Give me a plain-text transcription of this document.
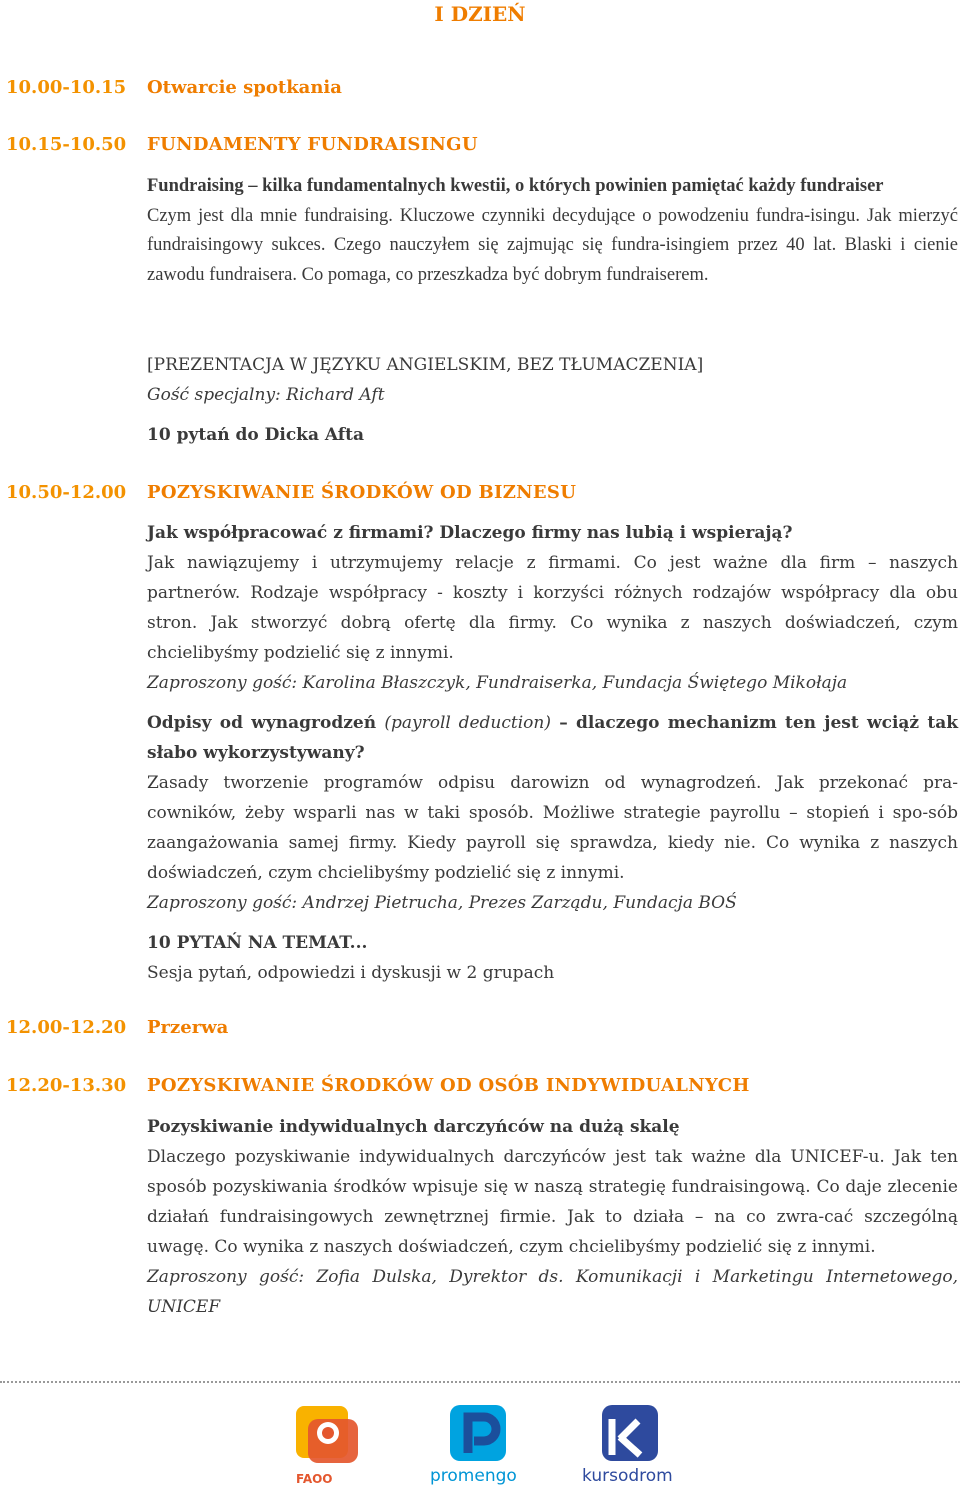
I DZIEŃ
10.00-10.15 Otwarcie spotkania
10.15-10.50 FUNDAMENTY FUNDRAISINGU

Fundraising – kilka fundamentalnych kwestii, o których powinien pamiętać każdy fundraiser

Czym jest dla mnie fundraising. Kluczowe czynniki decydujące o powodzeniu fundra-isingu. Jak mierzyć fundraisingowy sukces. Czego nauczyłem się zajmując się fundra-isingiem przez 40 lat. Blaski i cienie zawodu fundraisera. Co pomaga, co przeszkadza być dobrym fundraiserem.

[PREZENTACJA W JĘZYKU ANGIELSKIM, BEZ TŁUMACZENIA]

Gość specjalny: Richard Aft

10 pytań do Dicka Afta

10.50-12.00 POZYSKIWANIE ŚRODKÓW OD BIZNESU

Jak współpracować z firmami? Dlaczego firmy nas lubią i wspierają?

Jak nawiązujemy i utrzymujemy relacje z firmami. Co jest ważne dla firm – naszych partnerów. Rodzaje współpracy - koszty i korzyści różnych rodzajów współpracy dla obu stron. Jak stworzyć dobrą ofertę dla firmy. Co wynika z naszych doświadczeń, czym chcielibyśmy podzielić się z innymi.

Zaproszony gość: Karolina Błaszczyk, Fundraiserka, Fundacja Świętego Mikołaja

Odpisy od wynagrodzeń (payroll deduction) – dlaczego mechanizm ten jest wciąż tak słabo wykorzystywany?

Zasady tworzenie programów odpisu darowizn od wynagrodzeń. Jak przekonać pra-cowników, żeby wsparli nas w taki sposób. Możliwe strategie payrollu – stopień i spo-sób zaangażowania samej firmy. Kiedy payroll się sprawdza, kiedy nie. Co wynika z naszych doświadczeń, czym chcielibyśmy podzielić się z innymi.

Zaproszony gość: Andrzej Pietrucha, Prezes Zarządu, Fundacja BOŚ

10 PYTAŃ NA TEMAT...

Sesja pytań, odpowiedzi i dyskusji w 2 grupach

12.00-12.20 Przerwa
12.20-13.30 POZYSKIWANIE ŚRODKÓW OD OSÓB INDYWIDUALNYCH

Pozyskiwanie indywidualnych darczyńców na dużą skalę

Dlaczego pozyskiwanie indywidualnych darczyńców jest tak ważne dla UNICEF-u. Jak ten sposób pozyskiwania środków wpisuje się w naszą strategię fundraisingową. Co daje zlecenie działań fundraisingowych zewnętrznej firmie. Jak to działa – na co zwra-cać szczególną uwagę. Co wynika z naszych doświadczeń, czym chcielibyśmy podzielić się z innymi.

Zaproszony gość: Zofia Dulska, Dyrektor ds. Komunikacji i Marketingu Internetowego, UNICEF

FAOO	promengo	kursodrom
